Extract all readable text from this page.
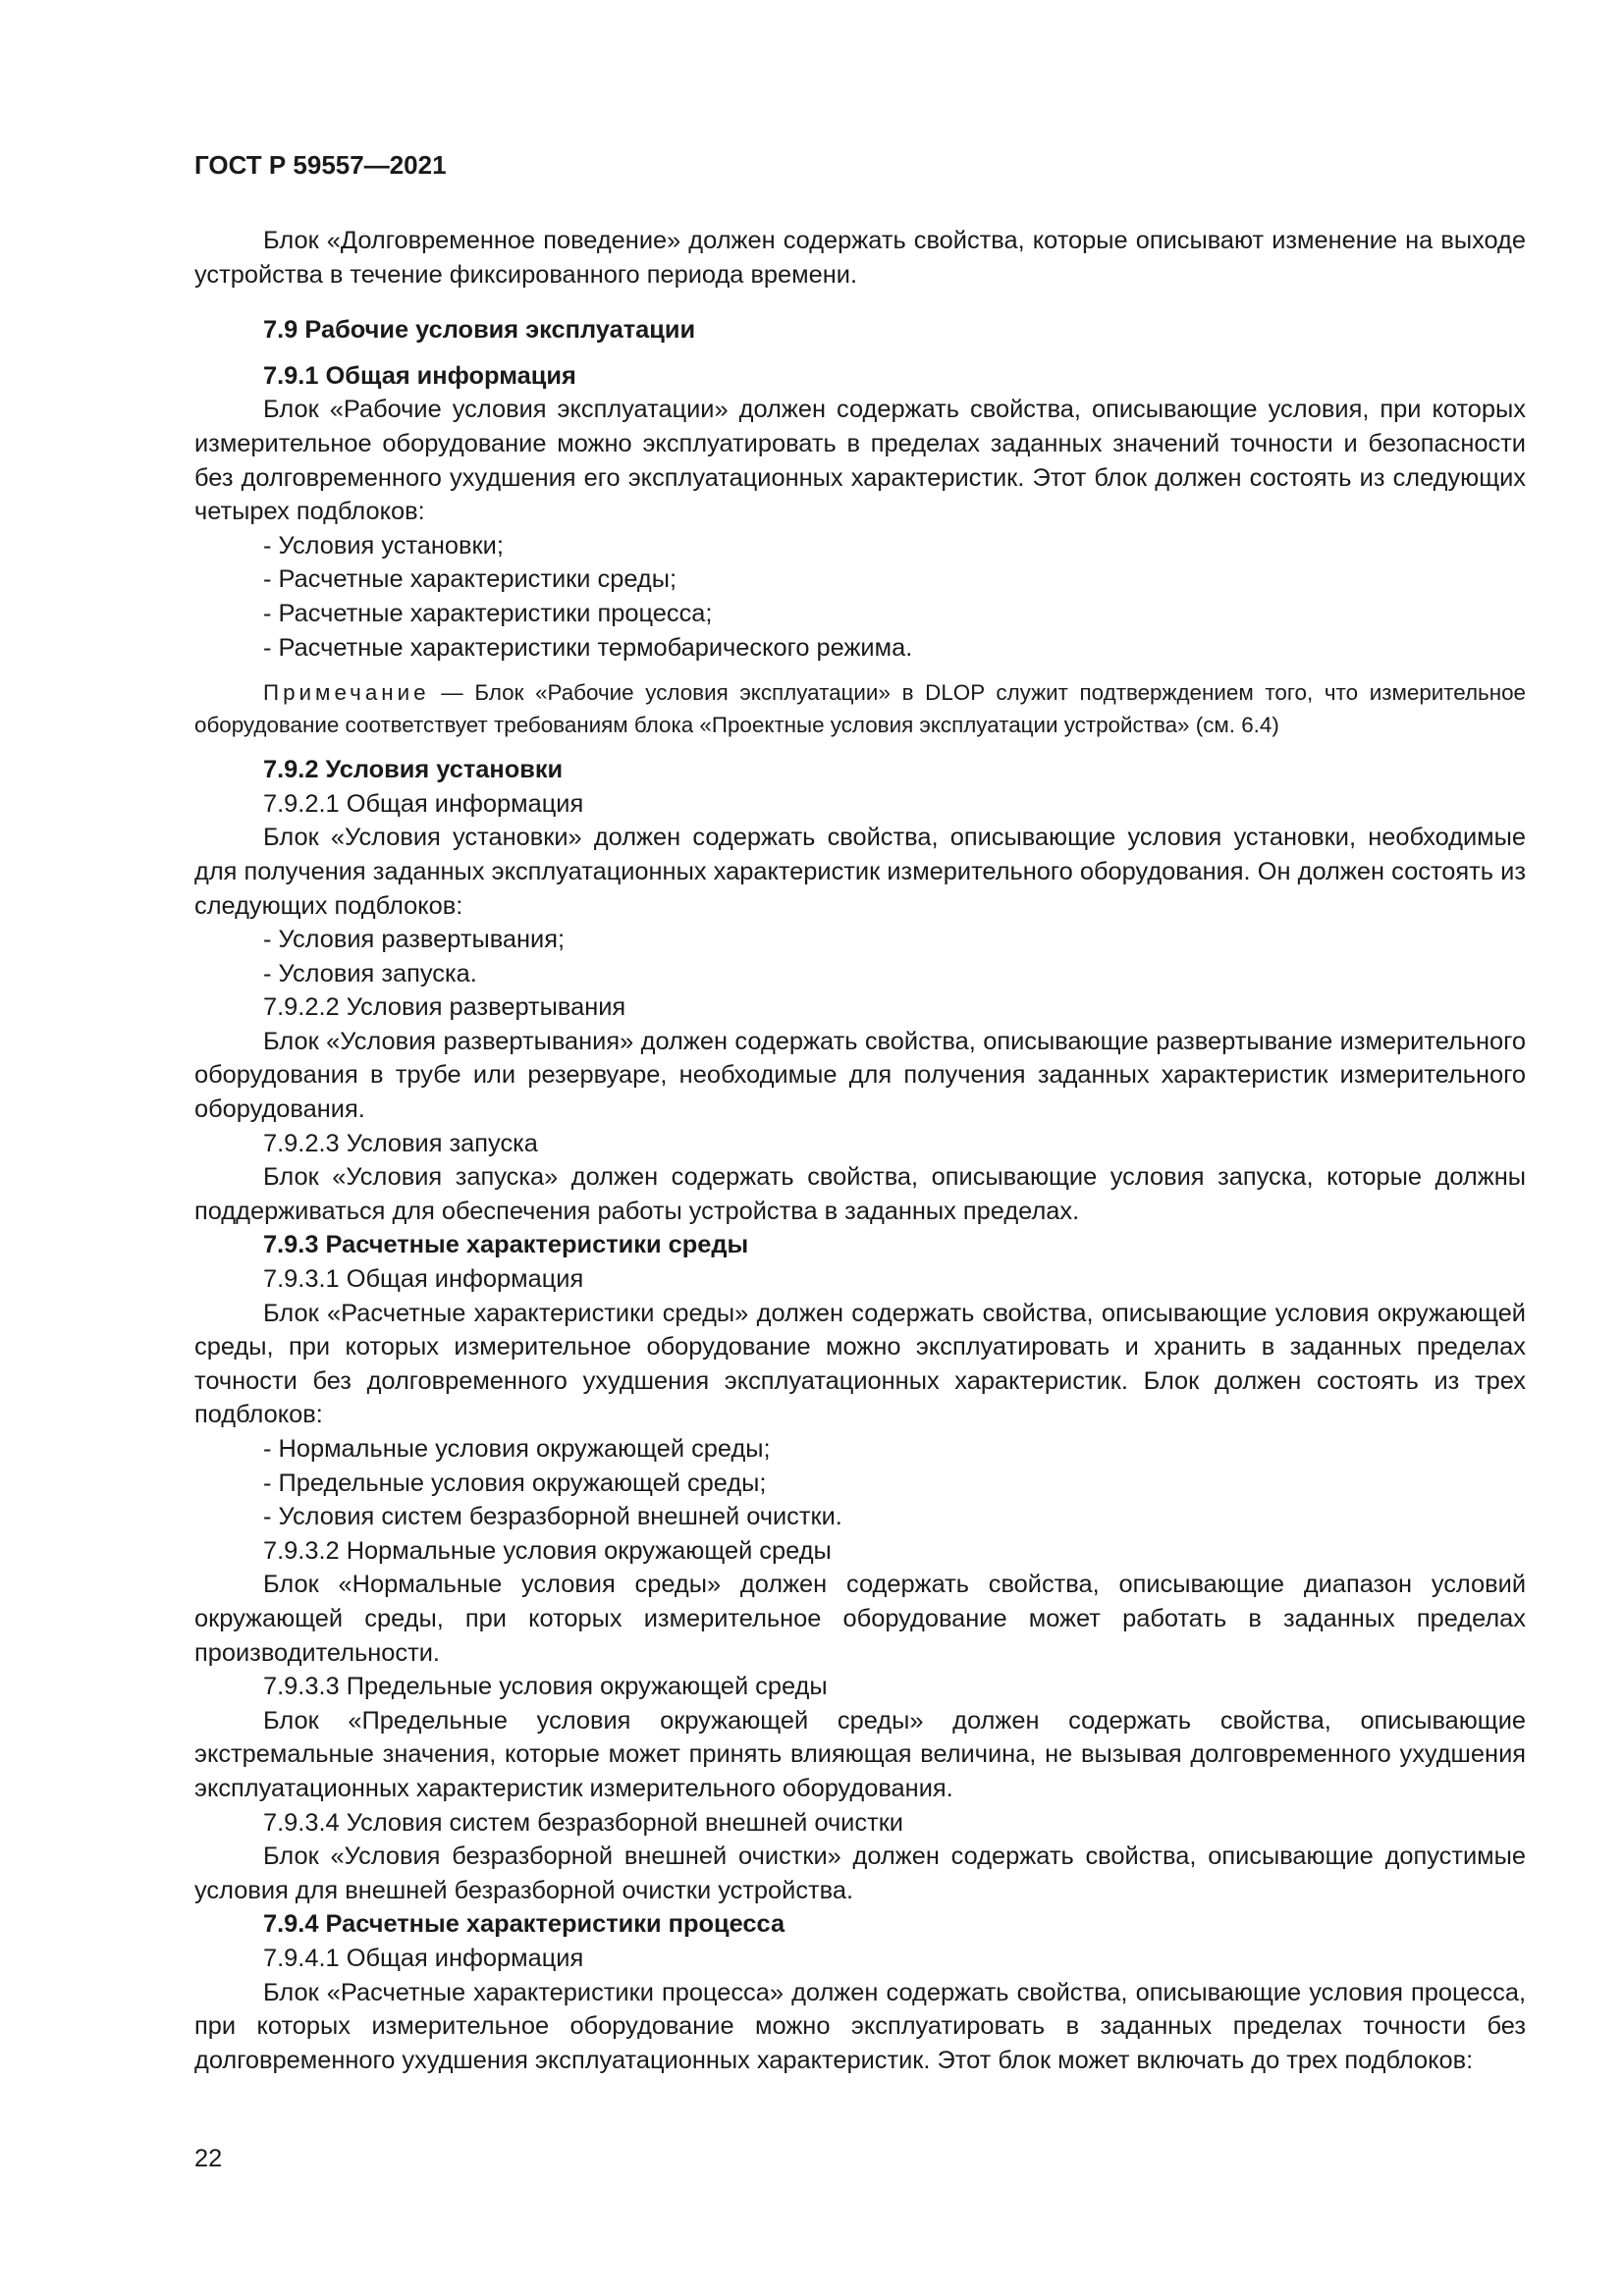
ГОСТ Р 59557—2021

Блок «Долговременное поведение» должен содержать свойства, которые описывают изменение на выходе устройства в течение фиксированного периода времени.

7.9 Рабочие условия эксплуатации

7.9.1 Общая информация

Блок «Рабочие условия эксплуатации» должен содержать свойства, описывающие условия, при которых измерительное оборудование можно эксплуатировать в пределах заданных значений точности и безопасности без долговременного ухудшения его эксплуатационных характеристик. Этот блок должен состоять из следующих четырех подблоков:

- Условия установки;

- Расчетные характеристики среды;

- Расчетные характеристики процесса;

- Расчетные характеристики термобарического режима.

Примечание — Блок «Рабочие условия эксплуатации» в DLOP служит подтверждением того, что измерительное оборудование соответствует требованиям блока «Проектные условия эксплуатации устройства» (см. 6.4)

7.9.2 Условия установки

7.9.2.1 Общая информация

Блок «Условия установки» должен содержать свойства, описывающие условия установки, необходимые для получения заданных эксплуатационных характеристик измерительного оборудования. Он должен состоять из следующих подблоков:

- Условия развертывания;

- Условия запуска.

7.9.2.2 Условия развертывания

Блок «Условия развертывания» должен содержать свойства, описывающие развертывание измерительного оборудования в трубе или резервуаре, необходимые для получения заданных характеристик измерительного оборудования.

7.9.2.3 Условия запуска

Блок «Условия запуска» должен содержать свойства, описывающие условия запуска, которые должны поддерживаться для обеспечения работы устройства в заданных пределах.

7.9.3 Расчетные характеристики среды

7.9.3.1 Общая информация

Блок «Расчетные характеристики среды» должен содержать свойства, описывающие условия окружающей среды, при которых измерительное оборудование можно эксплуатировать и хранить в заданных пределах точности без долговременного ухудшения эксплуатационных характеристик. Блок должен состоять из трех подблоков:

- Нормальные условия окружающей среды;

- Предельные условия окружающей среды;

- Условия систем безразборной внешней очистки.

7.9.3.2 Нормальные условия окружающей среды

Блок «Нормальные условия среды» должен содержать свойства, описывающие диапазон условий окружающей среды, при которых измерительное оборудование может работать в заданных пределах производительности.

7.9.3.3 Предельные условия окружающей среды

Блок «Предельные условия окружающей среды» должен содержать свойства, описывающие экстремальные значения, которые может принять влияющая величина, не вызывая долговременного ухудшения эксплуатационных характеристик измерительного оборудования.

7.9.3.4 Условия систем безразборной внешней очистки

Блок «Условия безразборной внешней очистки» должен содержать свойства, описывающие допустимые условия для внешней безразборной очистки устройства.

7.9.4 Расчетные характеристики процесса

7.9.4.1 Общая информация

Блок «Расчетные характеристики процесса» должен содержать свойства, описывающие условия процесса, при которых измерительное оборудование можно эксплуатировать в заданных пределах точности без долговременного ухудшения эксплуатационных характеристик. Этот блок может включать до трех подблоков:

22
